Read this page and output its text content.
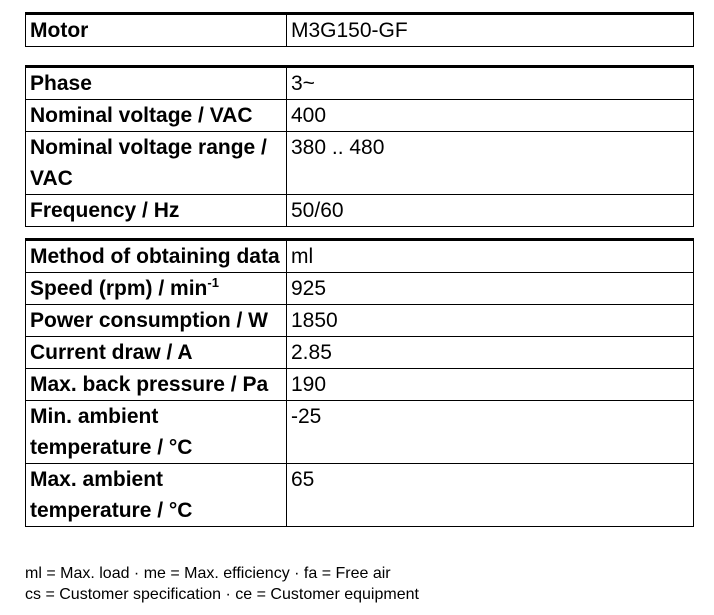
Motor	M3G150-GF
Phase	3~
Nominal voltage / VAC	400
Nominal voltage range / VAC	380 .. 480
Frequency / Hz	50/60
Method of obtaining data	ml
Speed $(rpm) / \min^{-1}$	925
Power consumption / W	1850
Current draw / A	2.85
Max. back pressure / Pa	190
Min. ambient temperature / °C	-25
Max. ambient temperature / °C	65
ml = Max. load · me = Max. efficiency · fa = Free air
cs = Customer specification · ce = Customer equipment
